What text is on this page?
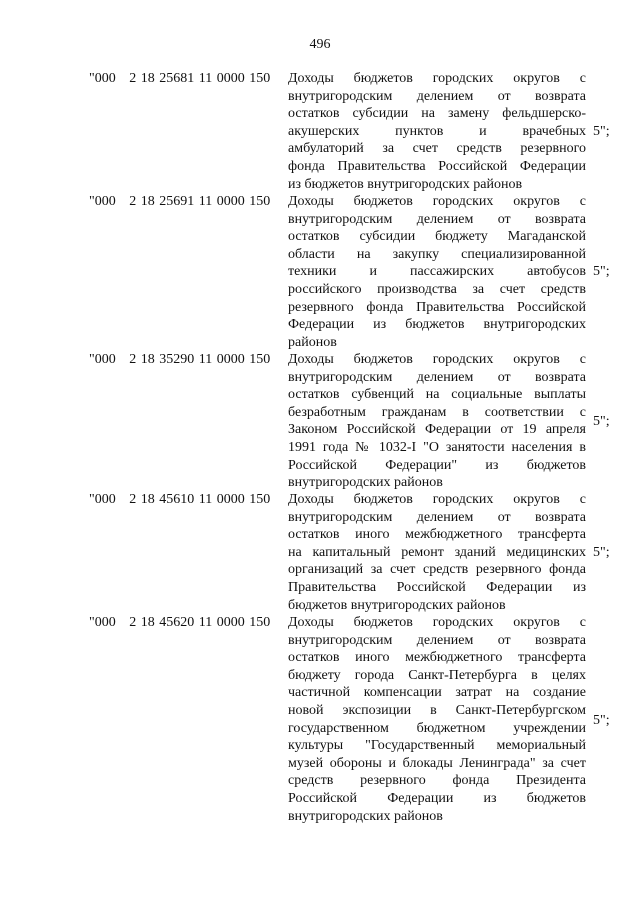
496
"000   2 18 25681 11 0000 150	Доходы бюджетов городских округов с
внутригородским делением от возврата
остатков субсидии на замену фельдшерско-
акушерских пунктов и врачебных
амбулаторий за счет средств резервного
фонда Правительства Российской Федерации
из бюджетов внутригородских районов
5";
"000   2 18 25691 11 0000 150	Доходы бюджетов городских округов с
внутригородским делением от возврата
остатков субсидии бюджету Магаданской
области на закупку специализированной
техники и пассажирских автобусов
российского производства за счет средств
резервного фонда Правительства Российской
Федерации из бюджетов внутригородских
районов
5";
"000   2 18 35290 11 0000 150	Доходы бюджетов городских округов с
внутригородским делением от возврата
остатков субвенций на социальные выплаты
безработным гражданам в соответствии с
Законом Российской Федерации от 19 апреля
1991 года № 1032-I "О занятости населения в
Российской Федерации" из бюджетов
внутригородских районов
5";
"000   2 18 45610 11 0000 150	Доходы бюджетов городских округов с
внутригородским делением от возврата
остатков иного межбюджетного трансферта
на капитальный ремонт зданий медицинских
организаций за счет средств резервного фонда
Правительства Российской Федерации из
бюджетов внутригородских районов
5";
"000   2 18 45620 11 0000 150	Доходы бюджетов городских округов с
внутригородским делением от возврата
остатков иного межбюджетного трансферта
бюджету города Санкт-Петербурга в целях
частичной компенсации затрат на создание
новой экспозиции в Санкт-Петербургском
государственном бюджетном учреждении
культуры "Государственный мемориальный
музей обороны и блокады Ленинграда" за счет
средств резервного фонда Президента
Российской Федерации из бюджетов
внутригородских районов
5";
